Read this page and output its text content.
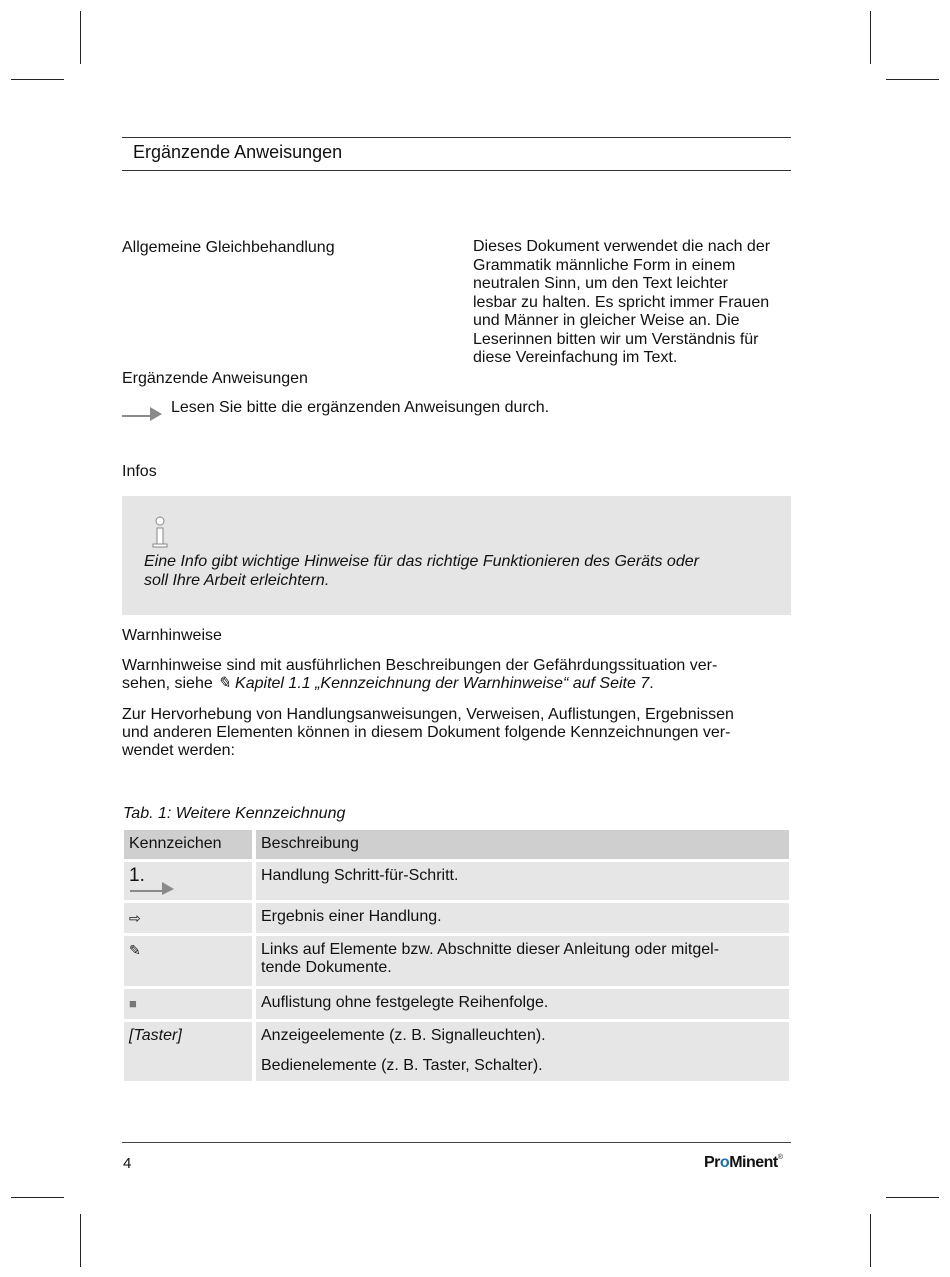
Ergänzende Anweisungen
Allgemeine Gleichbehandlung	Dieses Dokument verwendet die nach der
Grammatik männliche Form in einem
neutralen Sinn, um den Text leichter
lesbar zu halten. Es spricht immer Frauen
und Männer in gleicher Weise an. Die
Leserinnen bitten wir um Verständnis für
diese Vereinfachung im Text.
Ergänzende Anweisungen
Lesen Sie bitte die ergänzenden Anweisungen durch.
Infos
Eine Info gibt wichtige Hinweise für das richtige Funktionieren des Geräts oder
soll Ihre Arbeit erleichtern.
Warnhinweise
Warnhinweise sind mit ausführlichen Beschreibungen der Gefährdungssituation ver-
sehen, siehe ✎ Kapitel 1.1 „Kennzeichnung der Warnhinweise“ auf Seite 7.
Zur Hervorhebung von Handlungsanweisungen, Verweisen, Auflistungen, Ergebnissen
und anderen Elementen können in diesem Dokument folgende Kennzeichnungen ver-
wendet werden:
Tab. 1: Weitere Kennzeichnung
Kennzeichen Beschreibung
1.	Handlung Schritt-für-Schritt.
⇨	Ergebnis einer Handlung.
✎	Links auf Elemente bzw. Abschnitte dieser Anleitung oder mitgel-
tende Dokumente.
■	Auflistung ohne festgelegte Reihenfolge.
[Taster]	Anzeigeelemente (z. B. Signalleuchten).
Bedienelemente (z. B. Taster, Schalter).
4	ProMinent®
